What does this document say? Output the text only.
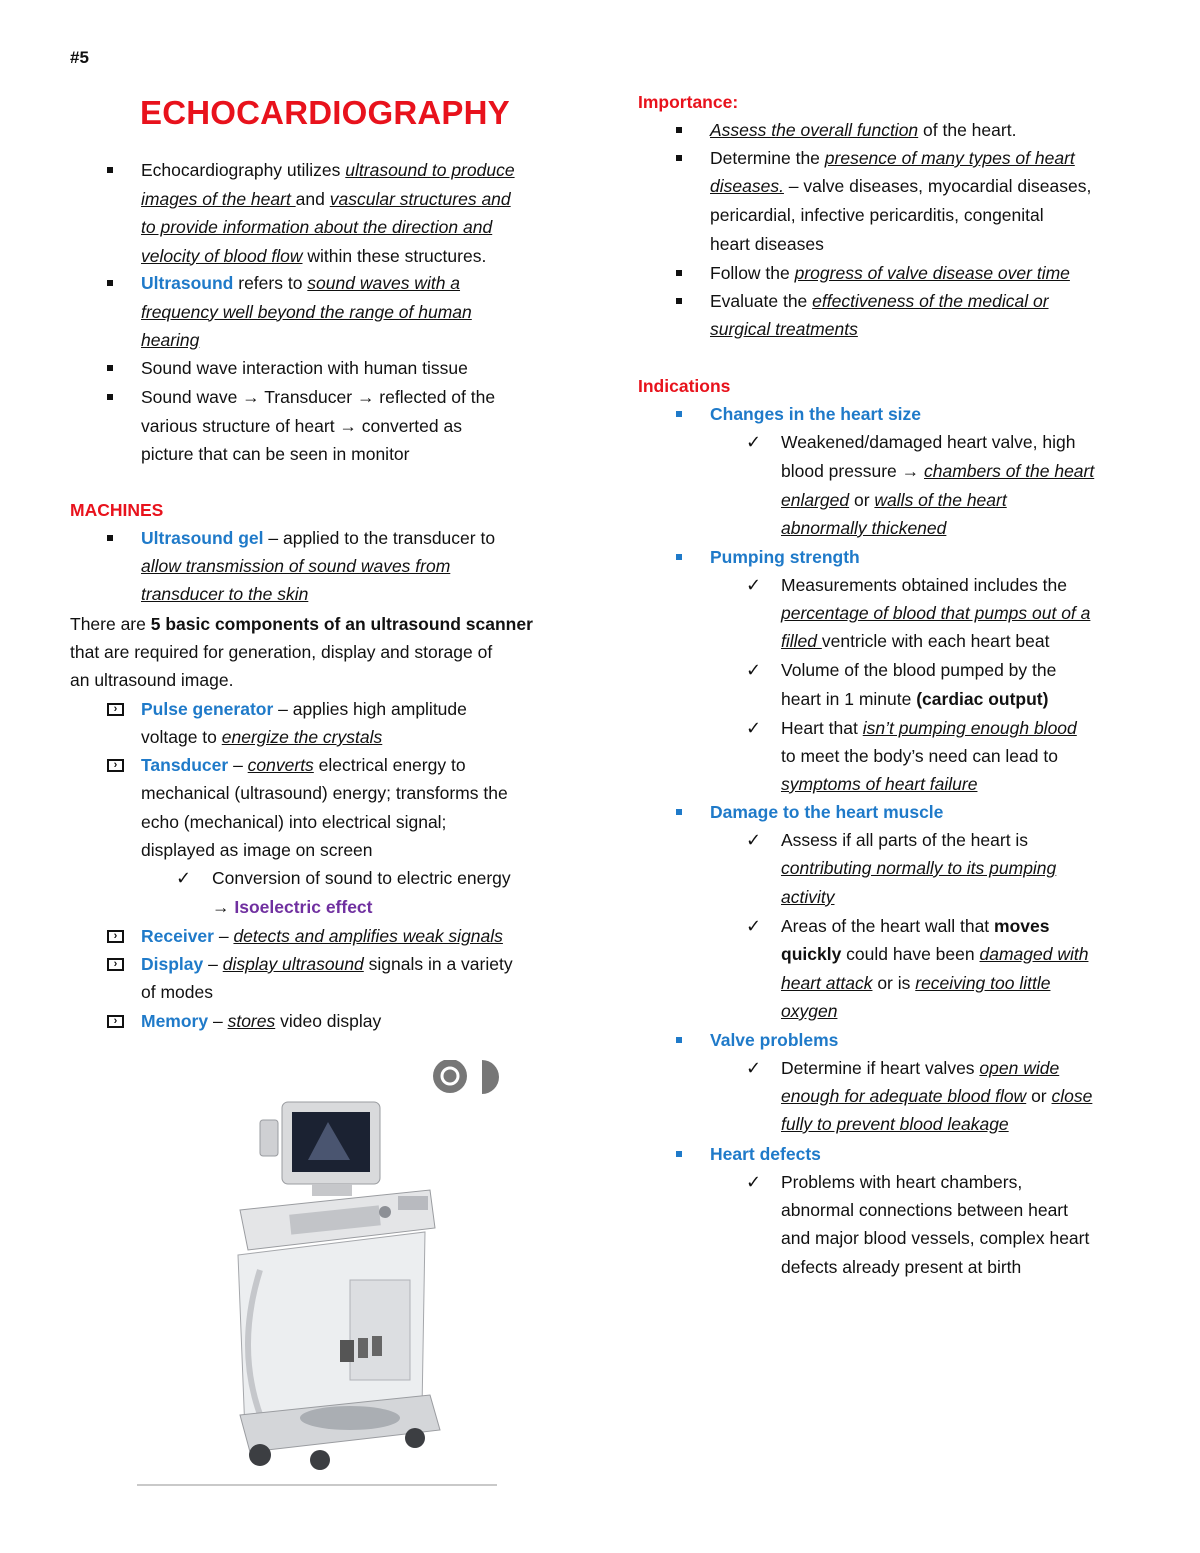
#5
ECHOCARDIOGRAPHY
Echocardiography utilizes ultrasound to produce
images of the heart and vascular structures and
to provide information about the direction and
velocity of blood flow within these structures.
Ultrasound refers to sound waves with a
frequency well beyond the range of human
hearing
Sound wave interaction with human tissue
Sound wave → Transducer → reflected of the
various structure of heart → converted as
picture that can be seen in monitor
MACHINES
Ultrasound gel – applied to the transducer to
allow transmission of sound waves from
transducer to the skin
There are 5 basic components of an ultrasound scanner
that are required for generation, display and storage of
an ultrasound image.
›	Pulse generator – applies high amplitude
voltage to energize the crystals
›	Tansducer – converts electrical energy to
mechanical (ultrasound) energy; transforms the
echo (mechanical) into electrical signal;
displayed as image on screen
✓ Conversion of sound to electric energy
→ Isoelectric effect
›	Receiver – detects and amplifies weak signals
›	Display – display ultrasound signals in a variety
of modes
›	Memory – stores video display
Importance:
Assess the overall function of the heart.
Determine the presence of many types of heart
diseases. – valve diseases, myocardial diseases,
pericardial, infective pericarditis, congenital
heart diseases
Follow the progress of valve disease over time
Evaluate the effectiveness of the medical or
surgical treatments
Indications
Changes in the heart size
✓ Weakened/damaged heart valve, high
blood pressure → chambers of the heart
enlarged or walls of the heart
abnormally thickened
Pumping strength
✓ Measurements obtained includes the
percentage of blood that pumps out of a
filled ventricle with each heart beat
✓ Volume of the blood pumped by the
heart in 1 minute (cardiac output)
✓ Heart that isn’t pumping enough blood
to meet the body’s need can lead to
symptoms of heart failure
Damage to the heart muscle
✓ Assess if all parts of the heart is
contributing normally to its pumping
activity
✓ Areas of the heart wall that moves
quickly could have been damaged with
heart attack or is receiving too little
oxygen
Valve problems
✓ Determine if heart valves open wide
enough for adequate blood flow or close
fully to prevent blood leakage
Heart defects
✓ Problems with heart chambers,
abnormal connections between heart
and major blood vessels, complex heart
defects already present at birth
